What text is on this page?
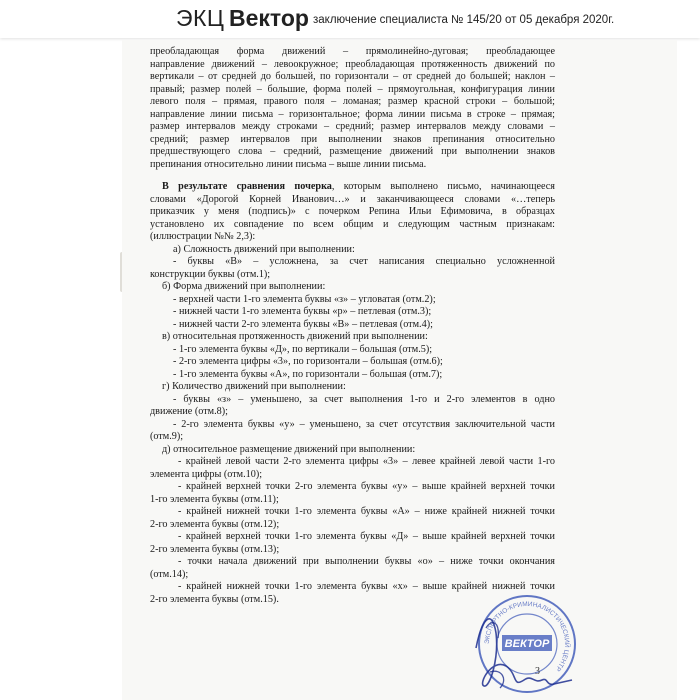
ЭКЦ Вектор заключение специалиста № 145/20 от 05 декабря 2020г.
преобладающая форма движений – прямолинейно-дуговая; преобладающее
направление движений – левоокружное; преобладающая протяженность движений по
вертикали – от средней до большей, по горизонтали – от средней до большей; наклон –
правый; размер полей – большие, форма полей – прямоугольная, конфигурация линии
левого поля – прямая, правого поля – ломаная; размер красной строки – большой;
направление линии письма – горизонтальное; форма линии письма в строке – прямая;
размер интервалов между строками – средний; размер интервалов между словами –
средний; размер интервалов при выполнении знаков препинания относительно
предшествующего слова – средний, размещение движений при выполнении знаков
препинания относительно линии письма – выше линии письма.
В результате сравнения почерка, которым выполнено письмо, начинающееся
словами «Дорогой Корней Иванович…» и заканчивающееся словами «…теперь
приказчик у меня (подпись)» с почерком Репина Ильи Ефимовича, в образцах
установлено их совпадение по всем общим и следующим частным признакам:
(иллюстрации №№ 2,3):
а) Сложность движений при выполнении:
- буквы «В» – усложнена, за счет написания специально усложненной
конструкции буквы (отм.1);
б) Форма движений при выполнении:
- верхней части 1-го элемента буквы «з» – угловатая (отм.2);
- нижней части 1-го элемента буквы «р» – петлевая (отм.3);
- нижней части 2-го элемента буквы «В» – петлевая (отм.4);
в) относительная протяженность движений при выполнении:
- 1-го элемента буквы «Д», по вертикали – большая (отм.5);
- 2-го элемента цифры «3», по горизонтали – большая (отм.6);
- 1-го элемента буквы «А», по горизонтали – большая (отм.7);
г) Количество движений при выполнении:
- буквы «з» – уменьшено, за счет выполнения 1-го и 2-го элементов в одно
движение (отм.8);
- 2-го элемента буквы «у» – уменьшено, за счет отсутствия заключительной части
(отм.9);
д) относительное размещение движений при выполнении:
- крайней левой части 2-го элемента цифры «3» – левее крайней левой части 1-го
элемента цифры (отм.10);
- крайней верхней точки 2-го элемента буквы «у» – выше крайней верхней точки
1-го элемента буквы (отм.11);
- крайней нижней точки 1-го элемента буквы «А» – ниже крайней нижней точки
2-го элемента буквы (отм.12);
- крайней верхней точки 1-го элемента буквы «Д» – выше крайней верхней точки
2-го элемента буквы (отм.13);
- точки начала движений при выполнении буквы «о» – ниже точки окончания
(отм.14);
- крайней нижней точки 1-го элемента буквы «х» – выше крайней нижней точки
2-го элемента буквы (отм.15).
ЭКСПЕРТНО-КРИМИНАЛИСТИЧЕСКИЙ ЦЕНТР
ВЕКТОР
3
